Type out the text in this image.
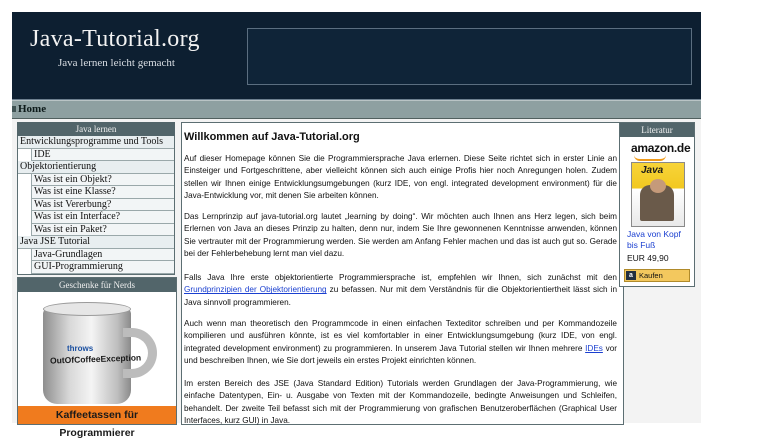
Java-Tutorial.org
Java lernen leicht gemacht
Home
Java lernen
Entwicklungsprogramme und Tools
IDE
Objektorientierung
Was ist ein Objekt?
Was ist eine Klasse?
Was ist Vererbung?
Was ist ein Interface?
Was ist ein Paket?
Java JSE Tutorial
Java-Grundlagen
GUI-Programmierung
Geschenke für Nerds
throws
OutOfCoffeeException
Kaffeetassen für Programmierer
Willkommen auf Java-Tutorial.org
Auf dieser Homepage können Sie die Programmiersprache Java erlernen. Diese Seite richtet sich in erster Linie an Einsteiger und Fortgeschrittene, aber vielleicht können sich auch einige Profis hier noch Anregungen holen. Zudem stellen wir Ihnen einige Entwicklungsumgebungen (kurz IDE, von engl. integrated development environment) für die Java-Entwicklung vor, mit denen Sie arbeiten können.
Das Lernprinzip auf java-tutorial.org lautet „learning by doing“. Wir möchten auch Ihnen ans Herz legen, sich beim Erlernen von Java an dieses Prinzip zu halten, denn nur, indem Sie Ihre gewonnenen Kenntnisse anwenden, können Sie vertrauter mit der Programmierung werden. Sie werden am Anfang Fehler machen und das ist auch gut so. Gerade bei der Fehlerbehebung lernt man viel dazu.
Falls Java Ihre erste objektorientierte Programmiersprache ist, empfehlen wir Ihnen, sich zunächst mit den Grundprinzipien der Objektorientierung zu befassen. Nur mit dem Verständnis für die Objektorientiertheit lässt sich in Java sinnvoll programmieren.
Auch wenn man theoretisch den Programmcode in einen einfachen Texteditor schreiben und per Kommandozeile kompilieren und ausführen könnte, ist es viel komfortabler in einer Entwicklungsumgebung (kurz IDE, von engl. integrated development environment) zu programmieren. In unserem Java Tutorial stellen wir Ihnen mehrere IDEs vor und beschreiben Ihnen, wie Sie dort jeweils ein erstes Projekt einrichten können.
Im ersten Bereich des JSE (Java Standard Edition) Tutorials werden Grundlagen der Java-Programmierung, wie einfache Datentypen, Ein- u. Ausgabe von Texten mit der Kommandozeile, bedingte Anweisungen und Schleifen, behandelt. Der zweite Teil befasst sich mit der Programmierung von grafischen Benutzeroberflächen (Graphical User Interfaces, kurz GUI) in Java.
Literatur
amazon.de
Java
Java von Kopf bis Fuß
EUR 49,90
a Kaufen
